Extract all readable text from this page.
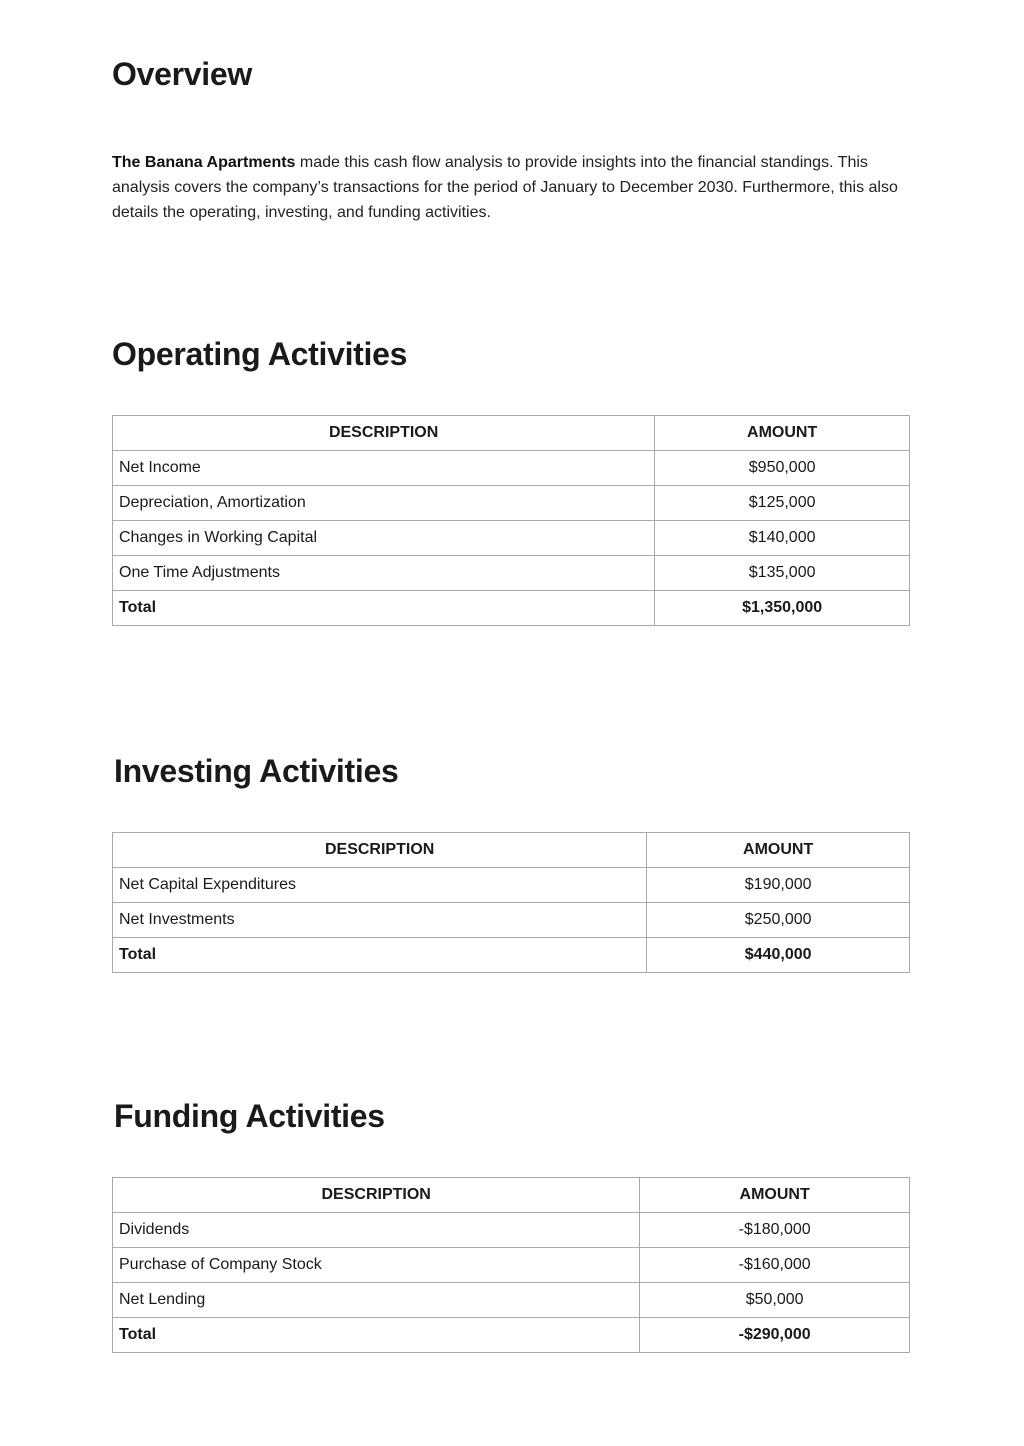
Overview

The Banana Apartments made this cash flow analysis to provide insights into the financial standings. This analysis covers the company’s transactions for the period of January to December 2030. Furthermore, this also details the operating, investing, and funding activities.

Operating Activities
DESCRIPTION	AMOUNT
Net Income	$950,000
Depreciation, Amortization	$125,000
Changes in Working Capital	$140,000
One Time Adjustments	$135,000
Total	$1,350,000
Investing Activities
DESCRIPTION	AMOUNT
Net Capital Expenditures	$190,000
Net Investments	$250,000
Total	$440,000
Funding Activities
DESCRIPTION	AMOUNT
Dividends	-$180,000
Purchase of Company Stock	-$160,000
Net Lending	$50,000
Total	-$290,000
